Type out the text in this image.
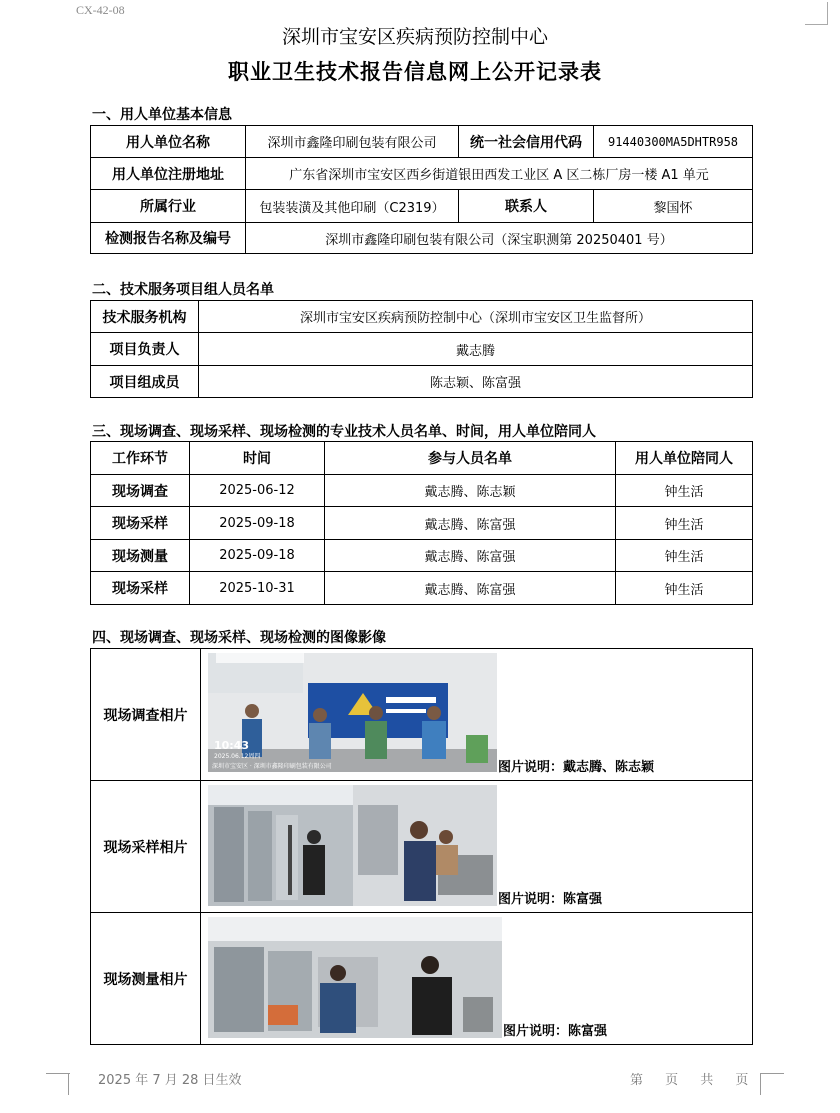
CX-42-08
深圳市宝安区疾病预防控制中心
职业卫生技术报告信息网上公开记录表
一、用人单位基本信息
用人单位名称	深圳市鑫隆印刷包装有限公司	统一社会信用代码	91440300MA5DHTR958
用人单位注册地址	广东省深圳市宝安区西乡街道银田西发工业区 A 区二栋厂房一楼 A1 单元		
所属行业	包装装潢及其他印刷（C2319）	联系人	黎国怀
检测报告名称及编号	深圳市鑫隆印刷包装有限公司（深宝职测第 20250401 号）		
二、技术服务项目组人员名单
技术服务机构	深圳市宝安区疾病预防控制中心（深圳市宝安区卫生监督所）
项目负责人	戴志腾
项目组成员	陈志颖、陈富强
三、现场调查、现场采样、现场检测的专业技术人员名单、时间，用人单位陪同人
工作环节	时间	参与人员名单	用人单位陪同人
现场调查	2025-06-12	戴志腾、陈志颖	钟生活
现场采样	2025-09-18	戴志腾、陈富强	钟生活
现场测量	2025-09-18	戴志腾、陈富强	钟生活
现场采样	2025-10-31	戴志腾、陈富强	钟生活
四、现场调查、现场采样、现场检测的图像影像
现场调查相片	10:43
2025.06.12周四
深圳市宝安区 · 深圳市鑫隆印刷包装有限公司 图片说明：戴志腾、陈志颖

现场采样相片	图片说明：陈富强

现场测量相片	图片说明：陈富强
2025 年 7 月 28 日生效	第 页 共 页
